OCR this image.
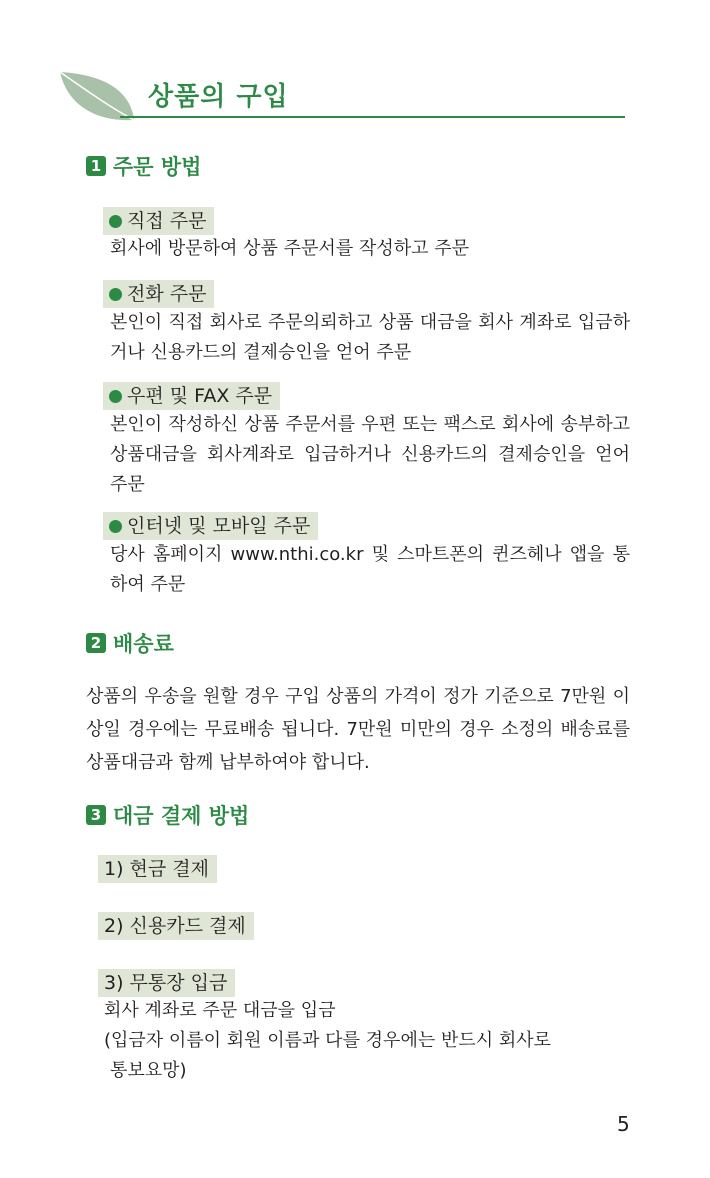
상품의 구입
1 주문 방법
직접 주문

회사에 방문하여 상품 주문서를 작성하고 주문

전화 주문

본인이 직접 회사로 주문의뢰하고 상품 대금을 회사 계좌로 입금하거나 신용카드의 결제승인을 얻어 주문

우편 및 FAX 주문

본인이 작성하신 상품 주문서를 우편 또는 팩스로 회사에 송부하고 상품대금을 회사계좌로 입금하거나 신용카드의 결제승인을 얻어 주문

인터넷 및 모바일 주문

당사 홈페이지 www.nthi.co.kr 및 스마트폰의 퀸즈헤나 앱을 통하여 주문

2 배송료

상품의 우송을 원할 경우 구입 상품의 가격이 정가 기준으로 7만원 이상일 경우에는 무료배송 됩니다. 7만원 미만의 경우 소정의 배송료를 상품대금과 함께 납부하여야 합니다.

3 대금 결제 방법
1) 현금 결제
2) 신용카드 결제
3) 무통장 입금

회사 계좌로 주문 대금을 입금
(입금자 이름이 회원 이름과 다를 경우에는 반드시 회사로
통보요망)

5
